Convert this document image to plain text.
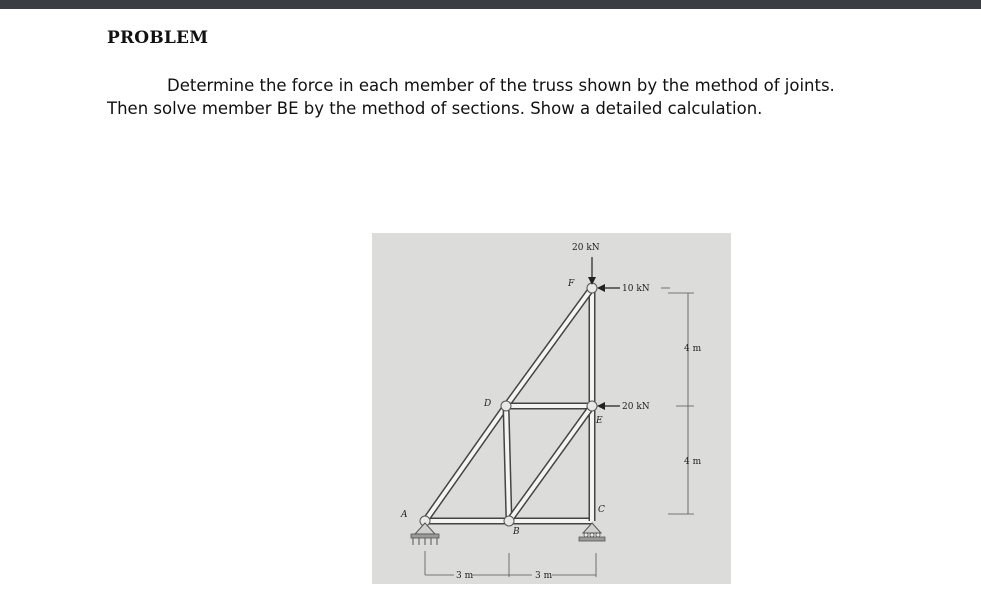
PROBLEM
Determine the force in each member of the truss shown by the method of joints.
Then solve member BE by the method of sections. Show a detailed calculation.
20 kN
10 kN
20 kN
4 m
4 m
3 m	3 m
A
B
C
D
E
F
